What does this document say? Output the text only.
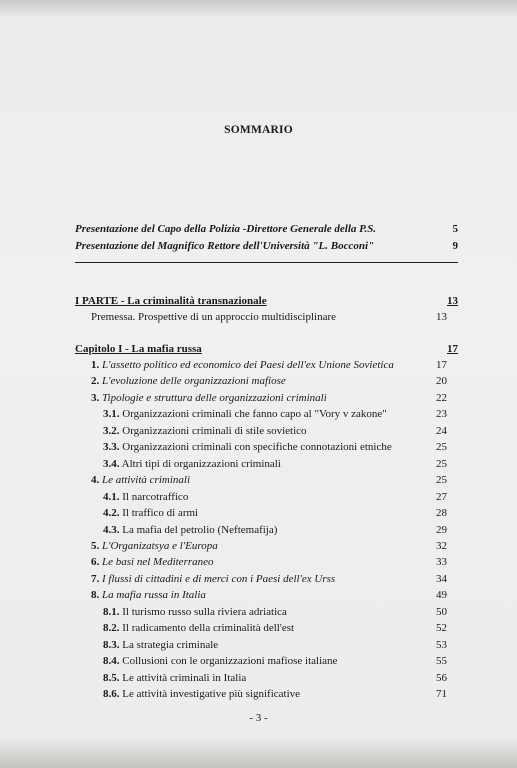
SOMMARIO
Presentazione del Capo della Polizia -Direttore Generale della P.S.	5
Presentazione del Magnifico Rettore dell'Università "L. Bocconi"	9
I PARTE - La criminalità transnazionale	13
Premessa. Prospettive di un approccio multidisciplinare	13
Capitolo I - La mafia russa	17
1. L'assetto politico ed economico dei Paesi dell'ex Unione Sovietica	17
2. L'evoluzione delle organizzazioni mafiose	20
3. Tipologie e struttura delle organizzazioni criminali	22
3.1. Organizzazioni criminali che fanno capo al "Vory v zakone"	23
3.2. Organizzazioni criminali di stile sovietico	24
3.3. Organizzazioni criminali con specifiche connotazioni etniche	25
3.4. Altri tipi di organizzazioni criminali	25
4. Le attività criminali	25
4.1. Il narcotraffico	27
4.2. Il traffico di armi	28
4.3. La mafia del petrolio (Neftemafija)	29
5. L'Organizatsya e l'Europa	32
6. Le basi nel Mediterraneo	33
7. I flussi di cittadini e di merci con i Paesi dell'ex Urss	34
8. La mafia russa in Italia	49
8.1. Il turismo russo sulla riviera adriatica	50
8.2. Il radicamento della criminalità dell'est	52
8.3. La strategia criminale	53
8.4. Collusioni con le organizzazioni mafiose italiane	55
8.5. Le attività criminali in Italia	56
8.6. Le attività investigative più significative	71
- 3 -
